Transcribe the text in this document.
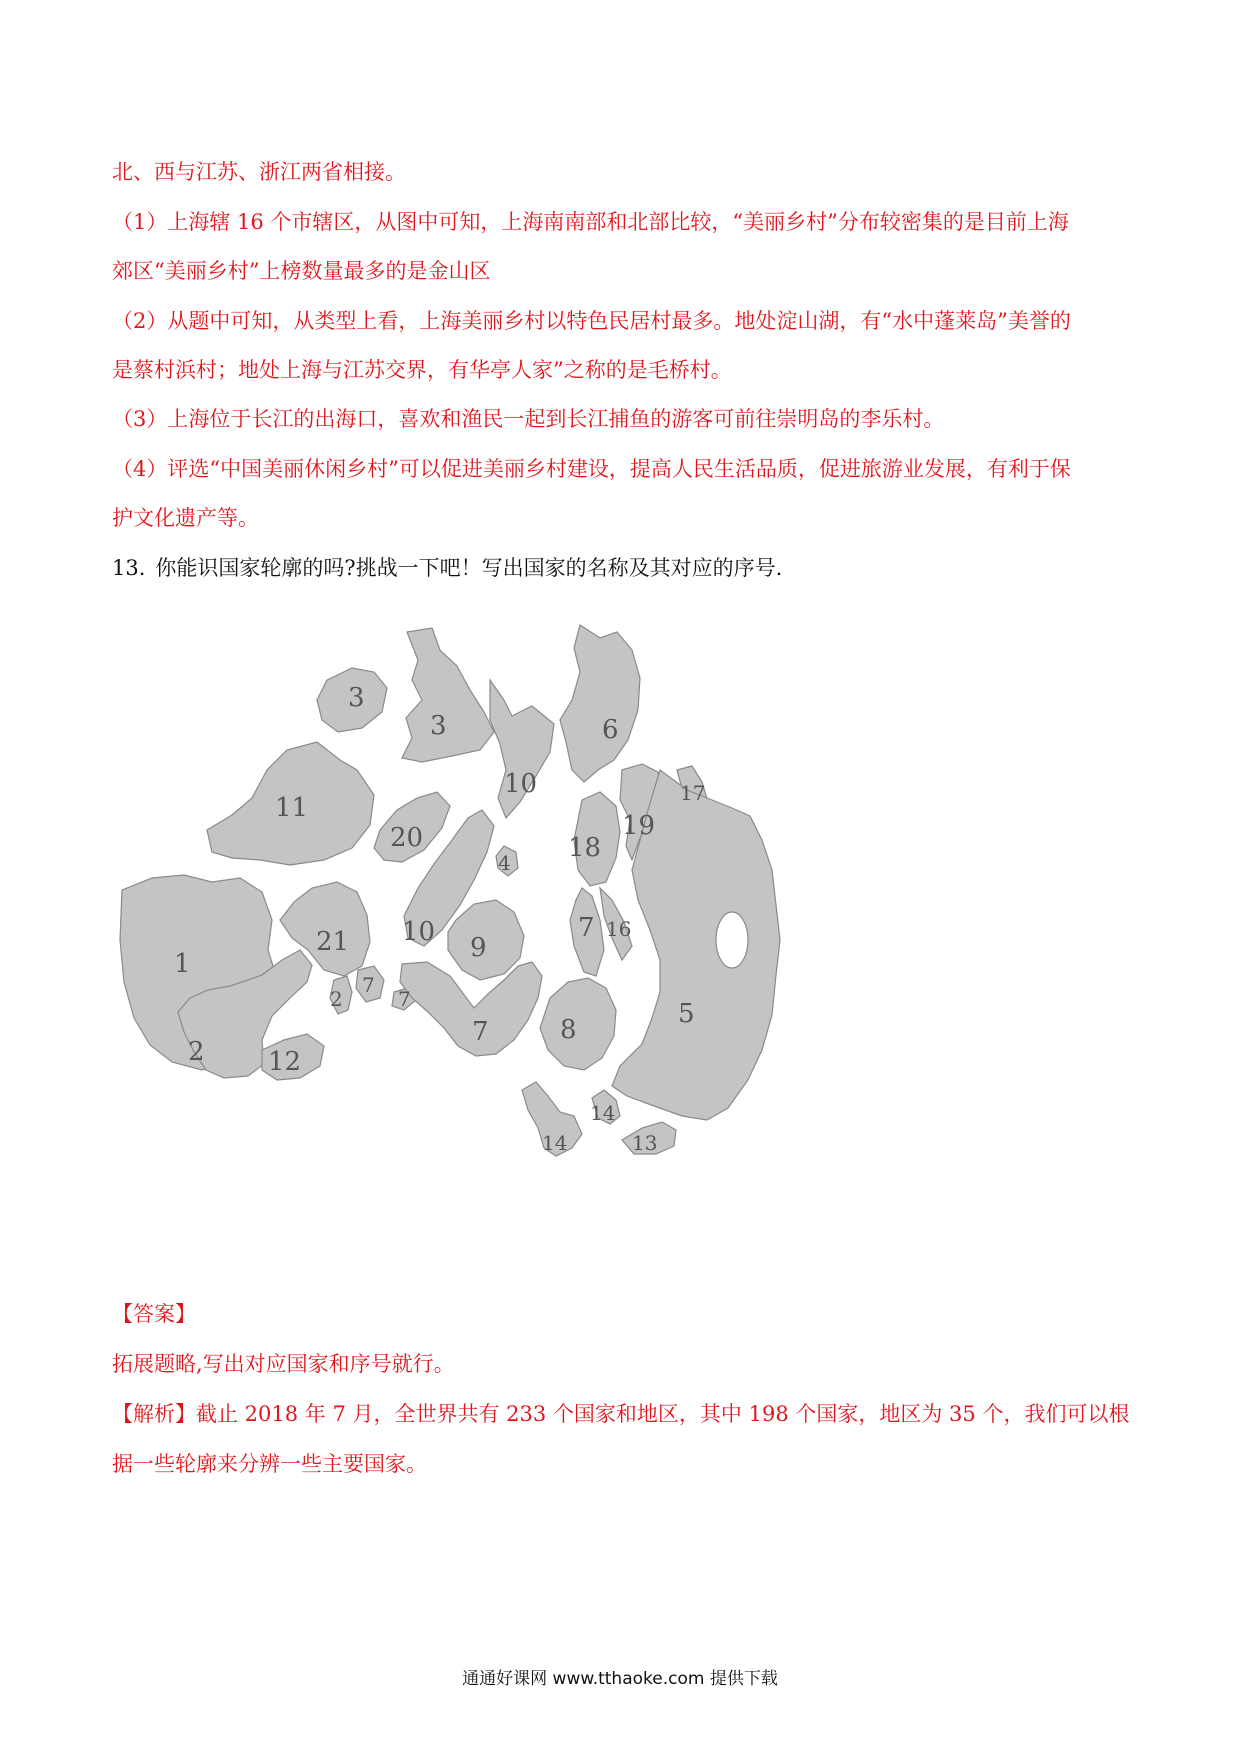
北、西与江苏、浙江两省相接。
（1）上海辖 16 个市辖区，从图中可知，上海南南部和北部比较，“美丽乡村”分布较密集的是目前上海
郊区“美丽乡村”上榜数量最多的是金山区
（2）从题中可知，从类型上看，上海美丽乡村以特色民居村最多。地处淀山湖，有“水中蓬莱岛”美誉的
是蔡村浜村；地处上海与江苏交界，有华亭人家”之称的是毛桥村。
（3）上海位于长江的出海口，喜欢和渔民一起到长江捕鱼的游客可前往崇明岛的李乐村。
（4）评选“中国美丽休闲乡村”可以促进美丽乡村建设，提高人民生活品质，促进旅游业发展，有利于保
护文化遗产等。
13. 你能识国家轮廓的吗?挑战一下吧！写出国家的名称及其对应的序号.
1
11
3
3
10
6
17
19
18
20
21 10
4
9
7 16
5
2 12
2
7
7
7	8
14
14
13
【答案】
拓展题略,写出对应国家和序号就行。
【解析】截止 2018 年 7 月，全世界共有 233 个国家和地区，其中 198 个国家，地区为 35 个，我们可以根
据一些轮廓来分辨一些主要国家。
通通好课网 www.tthaoke.com 提供下载
